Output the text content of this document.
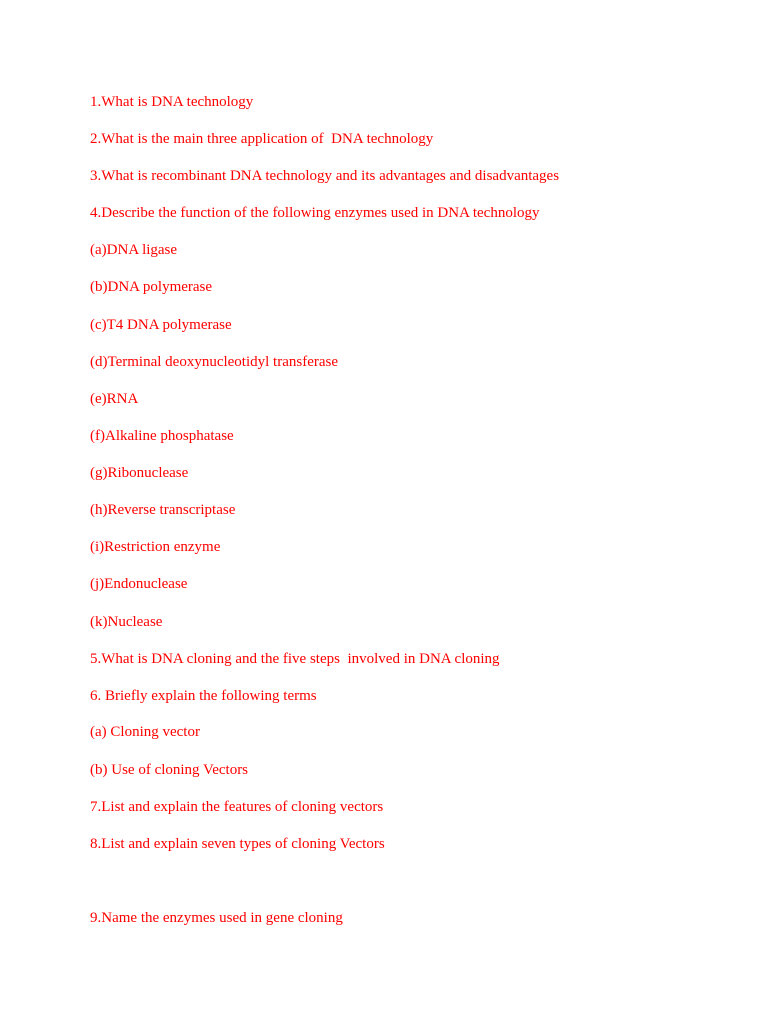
1.What is DNA technology

2.What is the main three application of  DNA technology

3.What is recombinant DNA technology and its advantages and disadvantages

4.Describe the function of the following enzymes used in DNA technology

(a)DNA ligase

(b)DNA polymerase

(c)T4 DNA polymerase

(d)Terminal deoxynucleotidyl transferase

(e)RNA

(f)Alkaline phosphatase

(g)Ribonuclease

(h)Reverse transcriptase

(i)Restriction enzyme

(j)Endonuclease

(k)Nuclease

5.What is DNA cloning and the five steps  involved in DNA cloning

6. Briefly explain the following terms

(a) Cloning vector

(b) Use of cloning Vectors

7.List and explain the features of cloning vectors

8.List and explain seven types of cloning Vectors

9.Name the enzymes used in gene cloning
